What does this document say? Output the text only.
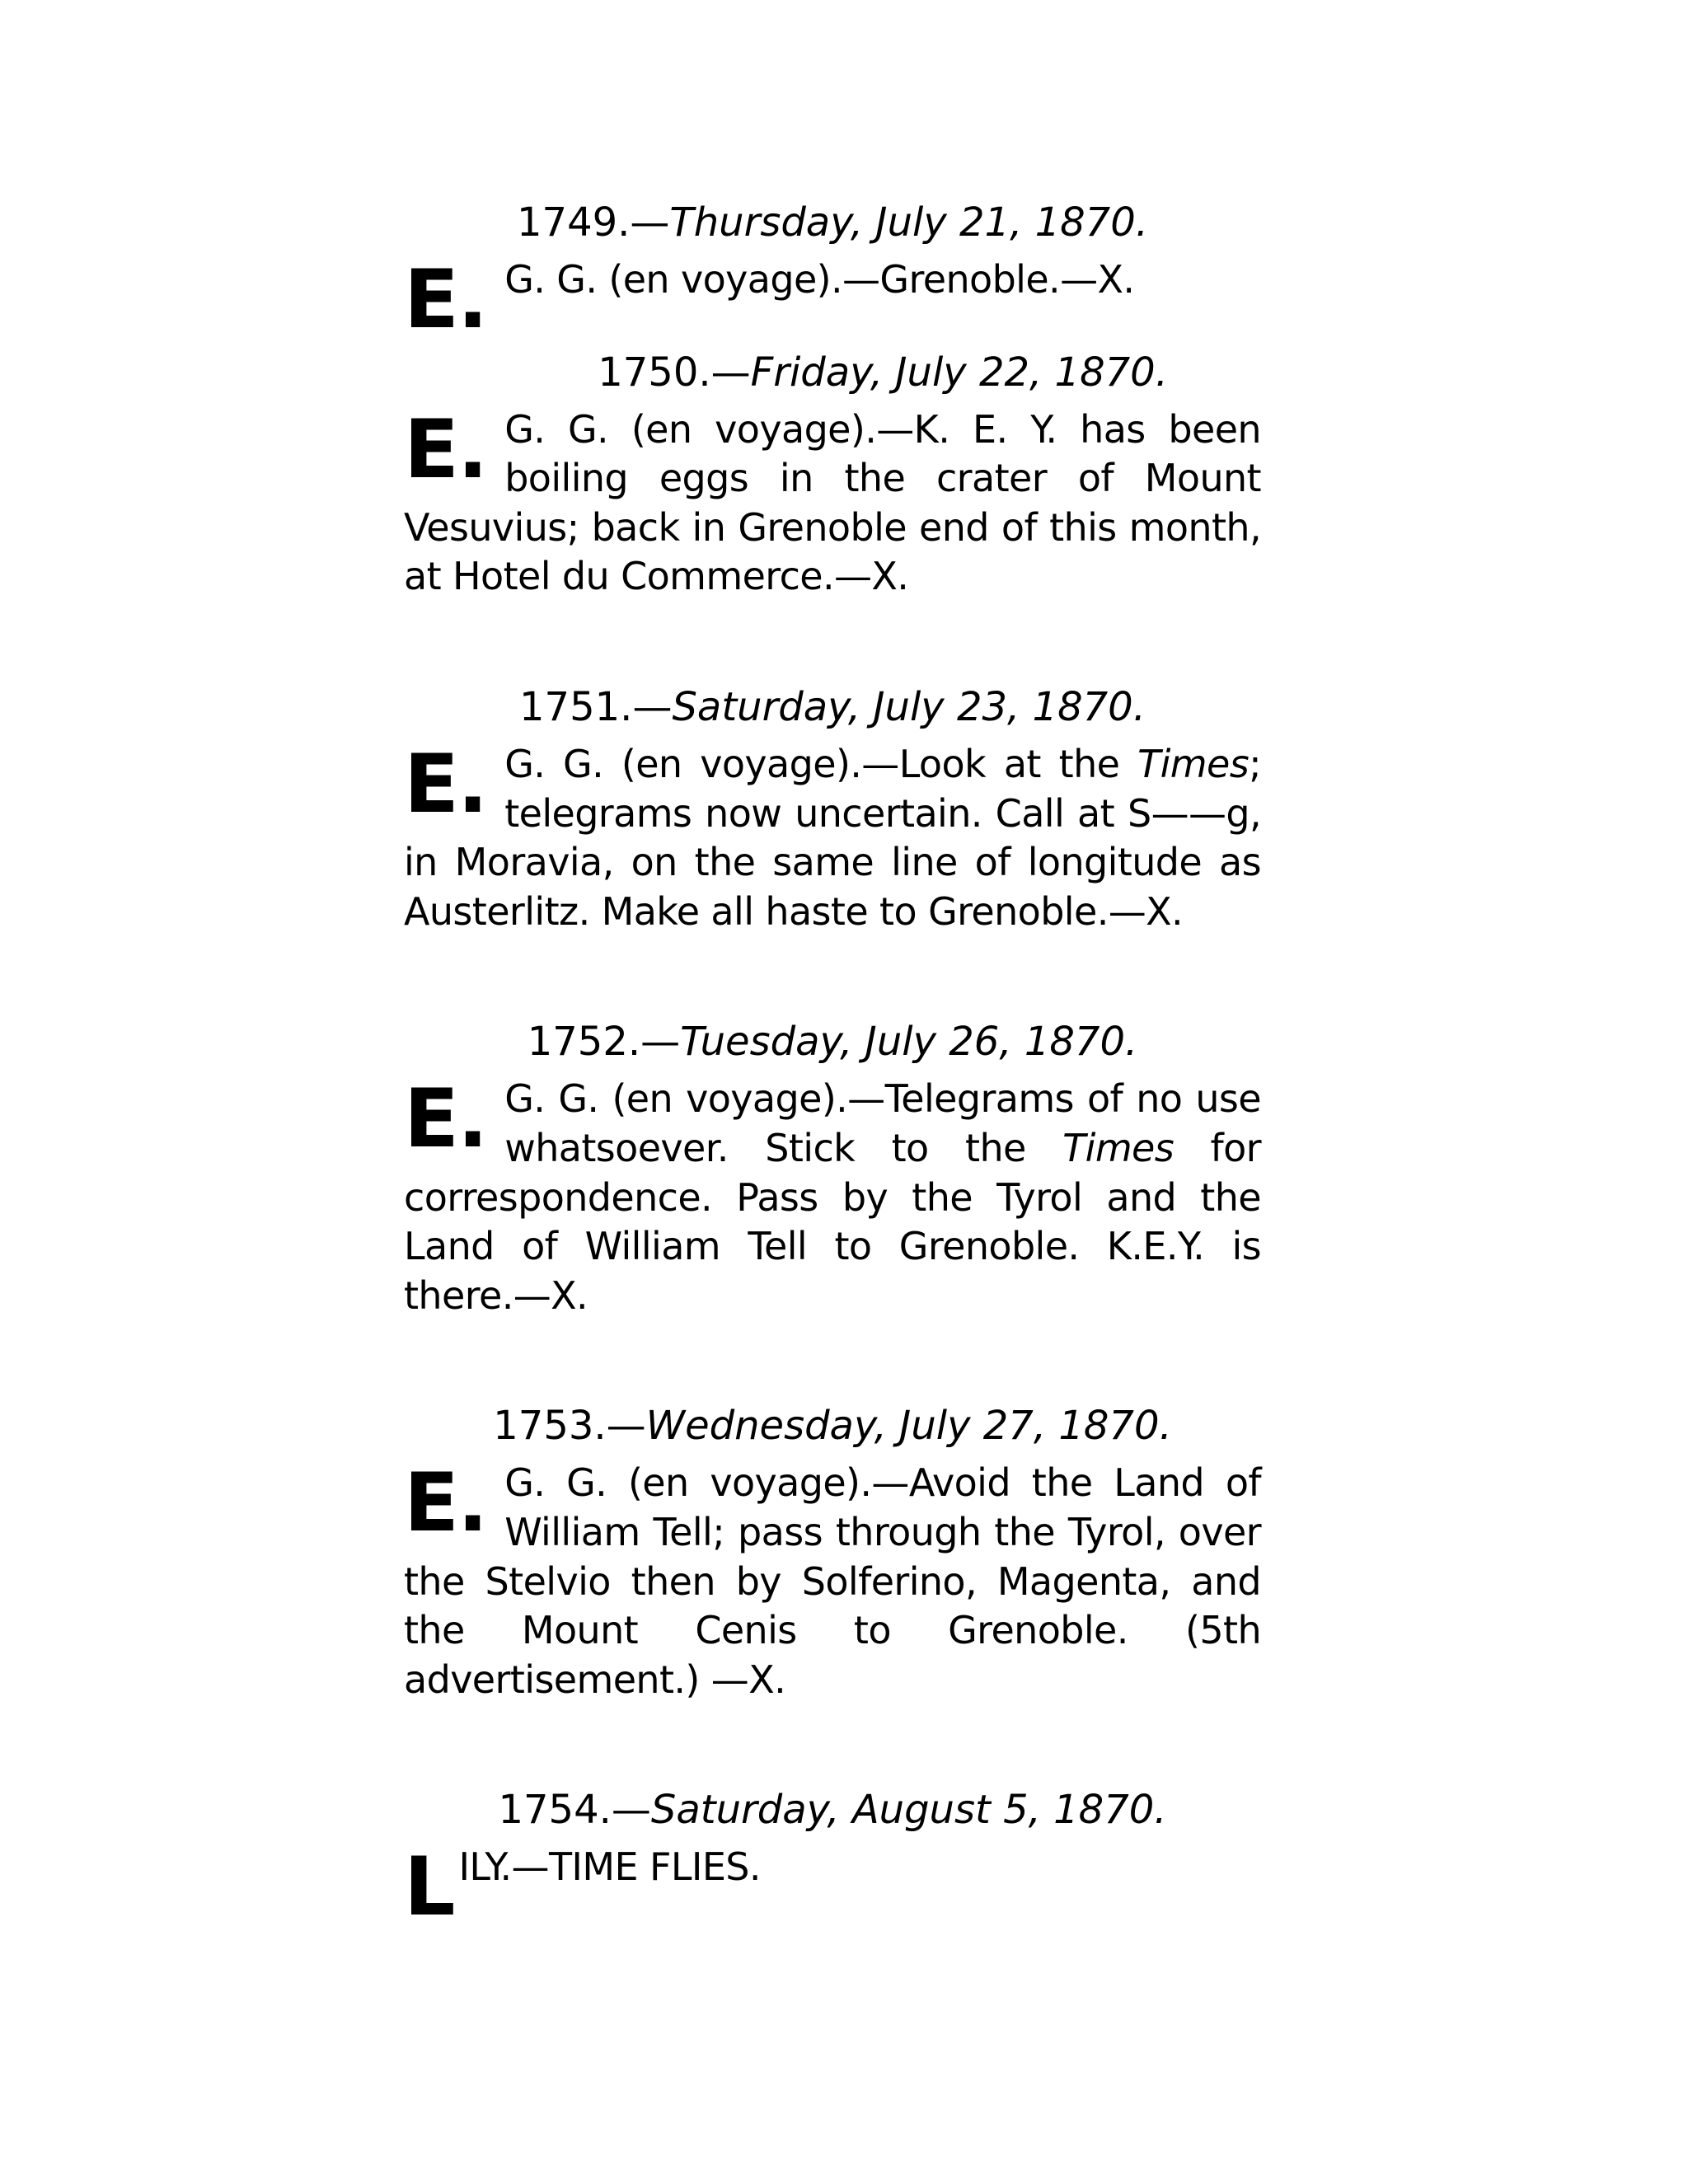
1749.—Thursday, July 21, 1870.
E. G. G. (en voyage).—Grenoble.—X.
1750.—Friday, July 22, 1870.
E. G. G. (en voyage).—K. E. Y. has been boiling eggs in the crater of Mount Vesuvius; back in Grenoble end of this month, at Hotel du Commerce.—X.
1751.—Saturday, July 23, 1870.
E. G. G. (en voyage).—Look at the Times; telegrams now uncertain. Call at S——g, in Moravia, on the same line of longitude as Austerlitz. Make all haste to Grenoble.—X.
1752.—Tuesday, July 26, 1870.
E. G. G. (en voyage).—Telegrams of no use whatsoever. Stick to the Times for correspondence. Pass by the Tyrol and the Land of William Tell to Grenoble. K.E.Y. is there.—X.
1753.—Wednesday, July 27, 1870.
E. G. G. (en voyage).—Avoid the Land of William Tell; pass through the Tyrol, over the Stelvio then by Solferino, Magenta, and the Mount Cenis to Grenoble. (5th advertisement.) —X.
1754.—Saturday, August 5, 1870.
LILY.—TIME FLIES.
